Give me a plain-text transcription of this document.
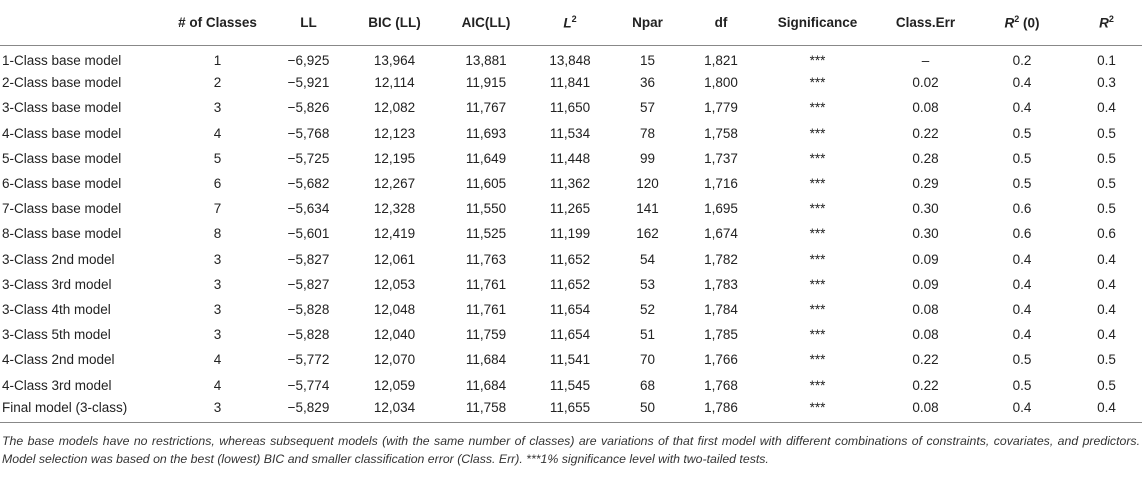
	# of Classes	LL	BIC (LL)	AIC(LL)	$L^2$	Npar	df	Significance	Class.Err	$R^2$ (0)	$R^2$
1-Class base model	1	−6,925	13,964	13,881	13,848	15	1,821	***	–	0.2	0.1
2-Class base model	2	−5,921	12,114	11,915	11,841	36	1,800	***	0.02	0.4	0.3
3-Class base model	3	−5,826	12,082	11,767	11,650	57	1,779	***	0.08	0.4	0.4
4-Class base model	4	−5,768	12,123	11,693	11,534	78	1,758	***	0.22	0.5	0.5
5-Class base model	5	−5,725	12,195	11,649	11,448	99	1,737	***	0.28	0.5	0.5
6-Class base model	6	−5,682	12,267	11,605	11,362	120	1,716	***	0.29	0.5	0.5
7-Class base model	7	−5,634	12,328	11,550	11,265	141	1,695	***	0.30	0.6	0.5
8-Class base model	8	−5,601	12,419	11,525	11,199	162	1,674	***	0.30	0.6	0.6
3-Class 2nd model	3	−5,827	12,061	11,763	11,652	54	1,782	***	0.09	0.4	0.4
3-Class 3rd model	3	−5,827	12,053	11,761	11,652	53	1,783	***	0.09	0.4	0.4
3-Class 4th model	3	−5,828	12,048	11,761	11,654	52	1,784	***	0.08	0.4	0.4
3-Class 5th model	3	−5,828	12,040	11,759	11,654	51	1,785	***	0.08	0.4	0.4
4-Class 2nd model	4	−5,772	12,070	11,684	11,541	70	1,766	***	0.22	0.5	0.5
4-Class 3rd model	4	−5,774	12,059	11,684	11,545	68	1,768	***	0.22	0.5	0.5
Final model (3-class)	3	−5,829	12,034	11,758	11,655	50	1,786	***	0.08	0.4	0.4
The base models have no restrictions, whereas subsequent models (with the same number of classes) are variations of that first model with different combinations of constraints, covariates, and predictors. Model selection was based on the best (lowest) BIC and smaller classification error (Class. Err). ***1% significance level with two-tailed tests.
